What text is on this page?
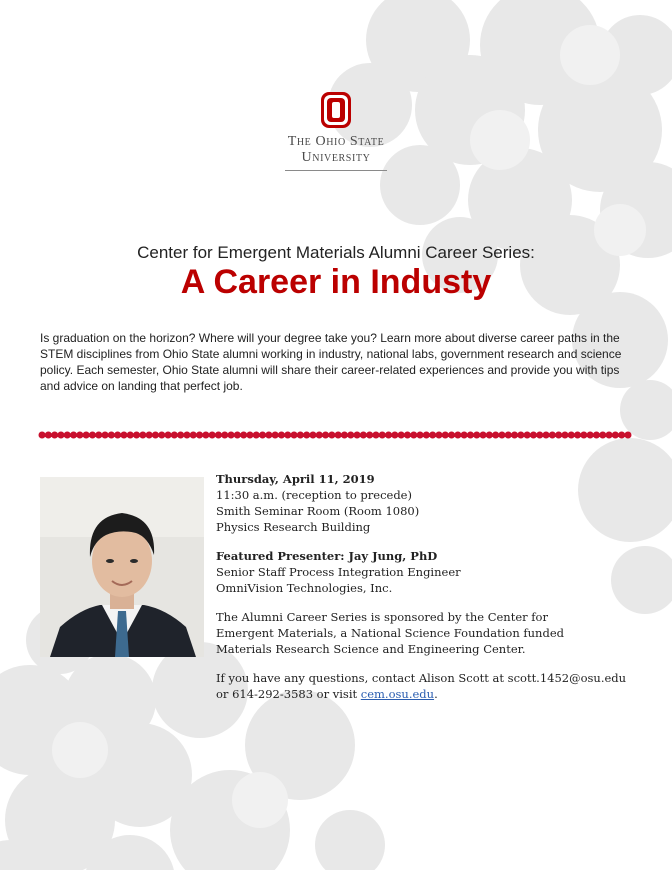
The Ohio State
University
Center for Emergent Materials Alumni Career Series:
A Career in Industy
Is graduation on the horizon? Where will your degree take you? Learn more about diverse career paths in the STEM disciplines from Ohio State alumni working in industry, national labs, government research and science policy. Each semester, Ohio State alumni will share their career-related experiences and provide you with tips and advice on landing that perfect job.

Thursday, April 11, 2019

11:30 a.m. (reception to precede)

Smith Seminar Room (Room 1080)

Physics Research Building

Featured Presenter: Jay Jung, PhD

Senior Staff Process Integration Engineer

OmniVision Technologies, Inc.

The Alumni Career Series is sponsored by the Center for

Emergent Materials, a National Science Foundation funded

Materials Research Science and Engineering Center.

If you have any questions, contact Alison Scott at scott.1452@osu.edu

or 614-292-3583 or visit cem.osu.edu.
